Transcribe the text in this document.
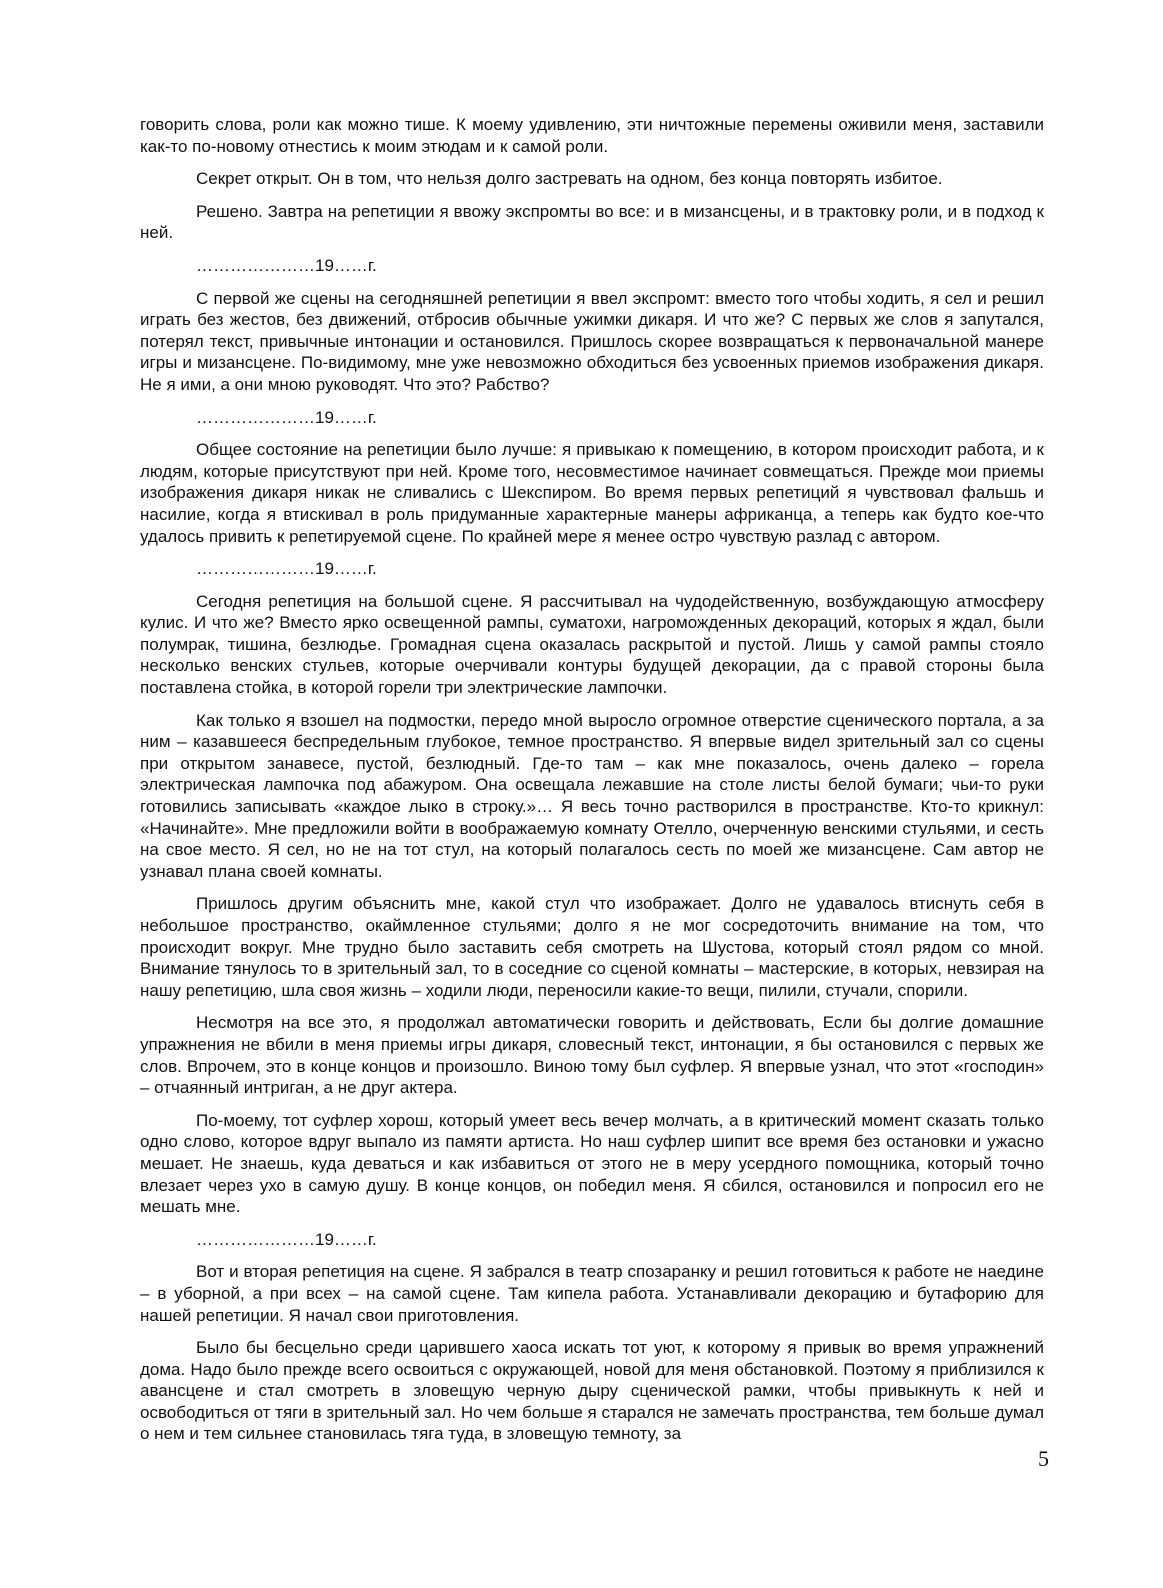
говорить слова, роли как можно тише. К моему удивлению, эти ничтожные перемены оживили меня, заставили как-то по-новому отнестись к моим этюдам и к самой роли.

Секрет открыт. Он в том, что нельзя долго застревать на одном, без конца повторять избитое.

Решено. Завтра на репетиции я ввожу экспромты во все: и в мизансцены, и в трактовку роли, и в подход к ней.

…………………19……г.

С первой же сцены на сегодняшней репетиции я ввел экспромт: вместо того чтобы ходить, я сел и решил играть без жестов, без движений, отбросив обычные ужимки дикаря. И что же? С первых же слов я запутался, потерял текст, привычные интонации и остановился. Пришлось скорее возвращаться к первоначальной манере игры и мизансцене. По-видимому, мне уже невозможно обходиться без усвоенных приемов изображения дикаря. Не я ими, а они мною руководят. Что это? Рабство?

…………………19……г.

Общее состояние на репетиции было лучше: я привыкаю к помещению, в котором происходит работа, и к людям, которые присутствуют при ней. Кроме того, несовместимое начинает совмещаться. Прежде мои приемы изображения дикаря никак не сливались с Шекспиром. Во время первых репетиций я чувствовал фальшь и насилие, когда я втискивал в роль придуманные характерные манеры африканца, а теперь как будто кое-что удалось привить к репетируемой сцене. По крайней мере я менее остро чувствую разлад с автором.

…………………19……г.

Сегодня репетиция на большой сцене. Я рассчитывал на чудодейственную, возбуждающую атмосферу кулис. И что же? Вместо ярко освещенной рампы, суматохи, нагроможденных декораций, которых я ждал, были полумрак, тишина, безлюдье. Громадная сцена оказалась раскрытой и пустой. Лишь у самой рампы стояло несколько венских стульев, которые очерчивали контуры будущей декорации, да с правой стороны была поставлена стойка, в которой горели три электрические лампочки.

Как только я взошел на подмостки, передо мной выросло огромное отверстие сценического портала, а за ним – казавшееся беспредельным глубокое, темное пространство. Я впервые видел зрительный зал со сцены при открытом занавесе, пустой, безлюдный. Где-то там – как мне показалось, очень далеко – горела электрическая лампочка под абажуром. Она освещала лежавшие на столе листы белой бумаги; чьи-то руки готовились записывать «каждое лыко в строку.»… Я весь точно растворился в пространстве. Кто-то крикнул: «Начинайте». Мне предложили войти в воображаемую комнату Отелло, очерченную венскими стульями, и сесть на свое место. Я сел, но не на тот стул, на который полагалось сесть по моей же мизансцене. Сам автор не узнавал плана своей комнаты.

Пришлось другим объяснить мне, какой стул что изображает. Долго не удавалось втиснуть себя в небольшое пространство, окаймленное стульями; долго я не мог сосредоточить внимание на том, что происходит вокруг. Мне трудно было заставить себя смотреть на Шустова, который стоял рядом со мной. Внимание тянулось то в зрительный зал, то в соседние со сценой комнаты – мастерские, в которых, невзирая на нашу репетицию, шла своя жизнь – ходили люди, переносили какие-то вещи, пилили, стучали, спорили.

Несмотря на все это, я продолжал автоматически говорить и действовать, Если бы долгие домашние упражнения не вбили в меня приемы игры дикаря, словесный текст, интонации, я бы остановился с первых же слов. Впрочем, это в конце концов и произошло. Виною тому был суфлер. Я впервые узнал, что этот «господин» – отчаянный интриган, а не друг актера.

По-моему, тот суфлер хорош, который умеет весь вечер молчать, а в критический момент сказать только одно слово, которое вдруг выпало из памяти артиста. Но наш суфлер шипит все время без остановки и ужасно мешает. Не знаешь, куда деваться и как избавиться от этого не в меру усердного помощника, который точно влезает через ухо в самую душу. В конце концов, он победил меня. Я сбился, остановился и попросил его не мешать мне.

…………………19……г.

Вот и вторая репетиция на сцене. Я забрался в театр спозаранку и решил готовиться к работе не наедине – в уборной, а при всех – на самой сцене. Там кипела работа. Устанавливали декорацию и бутафорию для нашей репетиции. Я начал свои приготовления.

Было бы бесцельно среди царившего хаоса искать тот уют, к которому я привык во время упражнений дома. Надо было прежде всего освоиться с окружающей, новой для меня обстановкой. Поэтому я приблизился к авансцене и стал смотреть в зловещую черную дыру сценической рамки, чтобы привыкнуть к ней и освободиться от тяги в зрительный зал. Но чем больше я старался не замечать пространства, тем больше думал о нем и тем сильнее становилась тяга туда, в зловещую темноту, за

5
